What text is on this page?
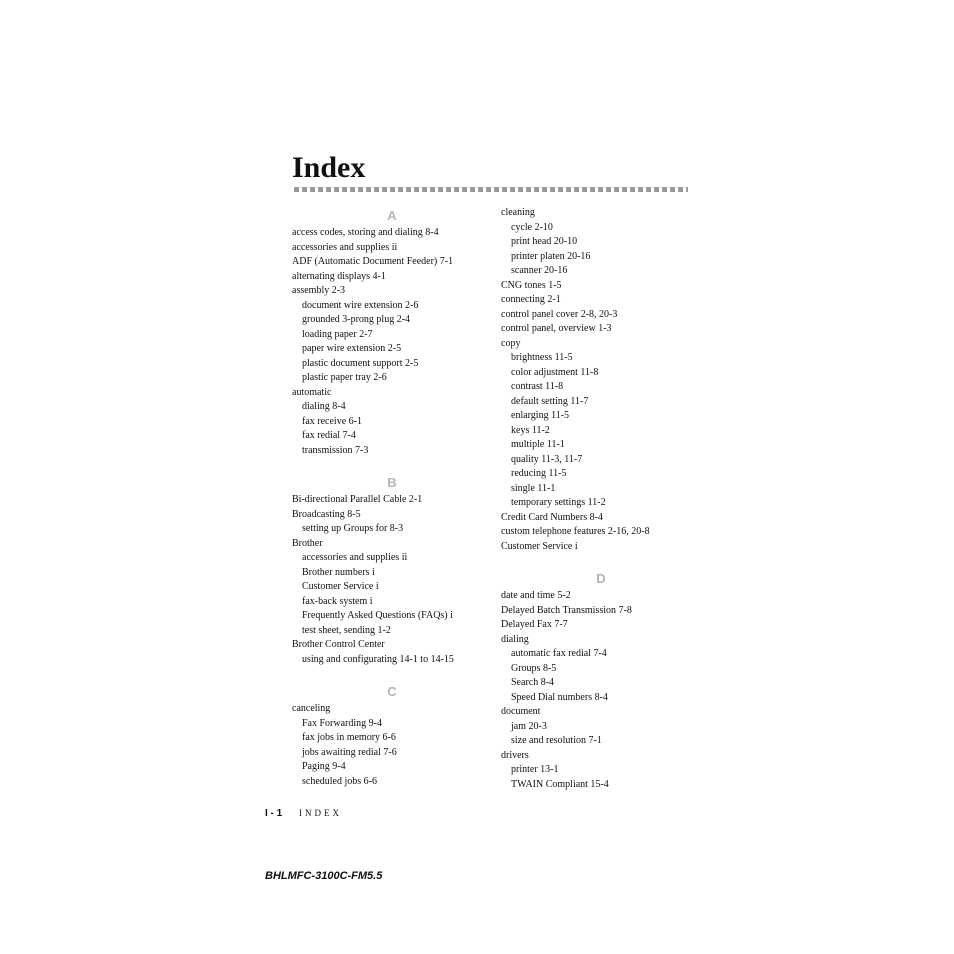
Index
A
access codes, storing and dialing 8-4
accessories and supplies ii
ADF (Automatic Document Feeder) 7-1
alternating displays 4-1
assembly 2-3
document wire extension 2-6
grounded 3-prong plug 2-4
loading paper 2-7
paper wire extension 2-5
plastic document support 2-5
plastic paper tray 2-6
automatic
dialing 8-4
fax receive 6-1
fax redial 7-4
transmission 7-3
B
Bi-directional Parallel Cable 2-1
Broadcasting 8-5
setting up Groups for 8-3
Brother
accessories and supplies ii
Brother numbers i
Customer Service i
fax-back system i
Frequently Asked Questions (FAQs) i
test sheet, sending 1-2
Brother Control Center
using and configurating 14-1 to 14-15
C
canceling
Fax Forwarding 9-4
fax jobs in memory 6-6
jobs awaiting redial 7-6
Paging 9-4
scheduled jobs 6-6
cleaning
cycle 2-10
print head 20-10
printer platen 20-16
scanner 20-16
CNG tones 1-5
connecting 2-1
control panel cover 2-8, 20-3
control panel, overview 1-3
copy
brightness 11-5
color adjustment 11-8
contrast 11-8
default setting 11-7
enlarging 11-5
keys 11-2
multiple 11-1
quality 11-3, 11-7
reducing 11-5
single 11-1
temporary settings 11-2
Credit Card Numbers 8-4
custom telephone features 2-16, 20-8
Customer Service i
D
date and time 5-2
Delayed Batch Transmission 7-8
Delayed Fax 7-7
dialing
automatic fax redial 7-4
Groups 8-5
Search 8-4
Speed Dial numbers 8-4
document
jam 20-3
size and resolution 7-1
drivers
printer 13-1
TWAIN Compliant 15-4
I - 1 INDEX
BHLMFC-3100C-FM5.5
